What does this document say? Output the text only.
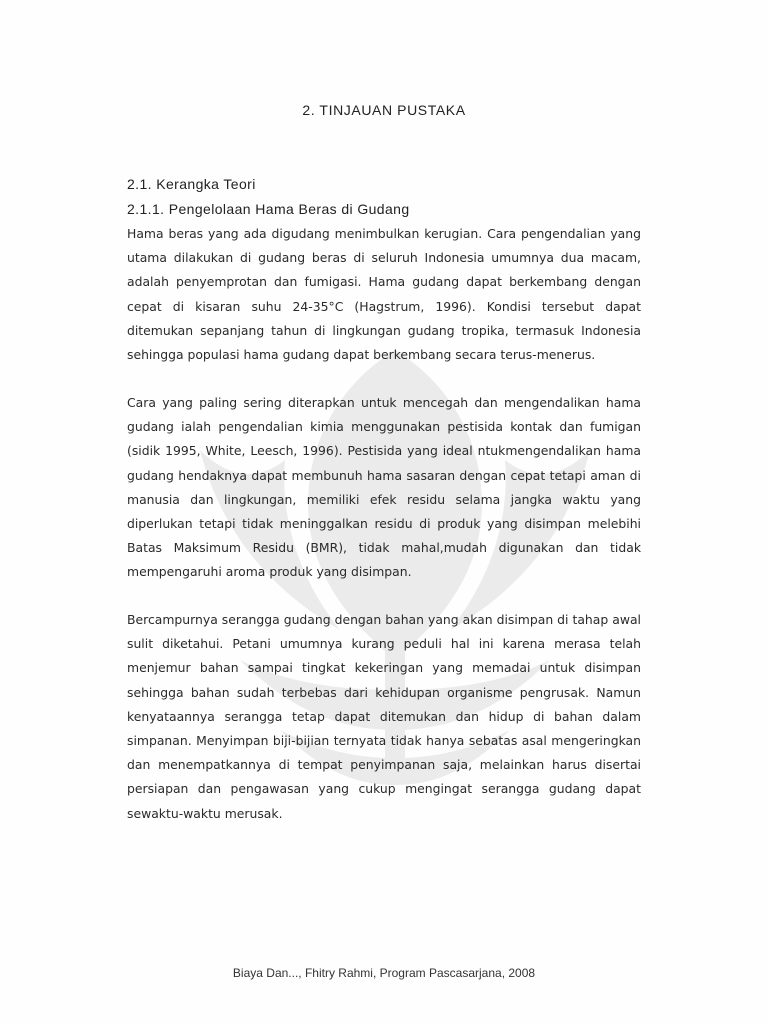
2. TINJAUAN PUSTAKA
2.1. Kerangka Teori
2.1.1. Pengelolaan Hama Beras di Gudang

Hama beras yang ada digudang menimbulkan kerugian. Cara pengendalian yang utama dilakukan di gudang beras di seluruh Indonesia umumnya dua macam, adalah penyemprotan dan fumigasi. Hama gudang dapat berkembang dengan cepat di kisaran suhu 24-35°C (Hagstrum, 1996). Kondisi tersebut dapat ditemukan sepanjang tahun di lingkungan gudang tropika, termasuk Indonesia sehingga populasi hama gudang dapat berkembang secara terus-menerus.

Cara yang paling sering diterapkan untuk mencegah dan mengendalikan hama gudang ialah pengendalian kimia menggunakan pestisida kontak dan fumigan (sidik 1995, White, Leesch, 1996). Pestisida yang ideal ntukmengendalikan hama gudang hendaknya dapat membunuh hama sasaran dengan cepat tetapi aman di manusia dan lingkungan, memiliki efek residu selama jangka waktu yang diperlukan tetapi tidak meninggalkan residu di produk yang disimpan melebihi Batas Maksimum Residu (BMR), tidak mahal,mudah digunakan dan tidak mempengaruhi aroma produk yang disimpan.

Bercampurnya serangga gudang dengan bahan yang akan disimpan di tahap awal sulit diketahui. Petani umumnya kurang peduli hal ini karena merasa telah menjemur bahan sampai tingkat kekeringan yang memadai untuk disimpan sehingga bahan sudah terbebas dari kehidupan organisme pengrusak. Namun kenyataannya serangga tetap dapat ditemukan dan hidup di bahan dalam simpanan. Menyimpan biji-bijian ternyata tidak hanya sebatas asal mengeringkan dan menempatkannya di tempat penyimpanan saja, melainkan harus disertai persiapan dan pengawasan yang cukup mengingat serangga gudang dapat sewaktu-waktu merusak.

Biaya Dan..., Fhitry Rahmi, Program Pascasarjana, 2008
